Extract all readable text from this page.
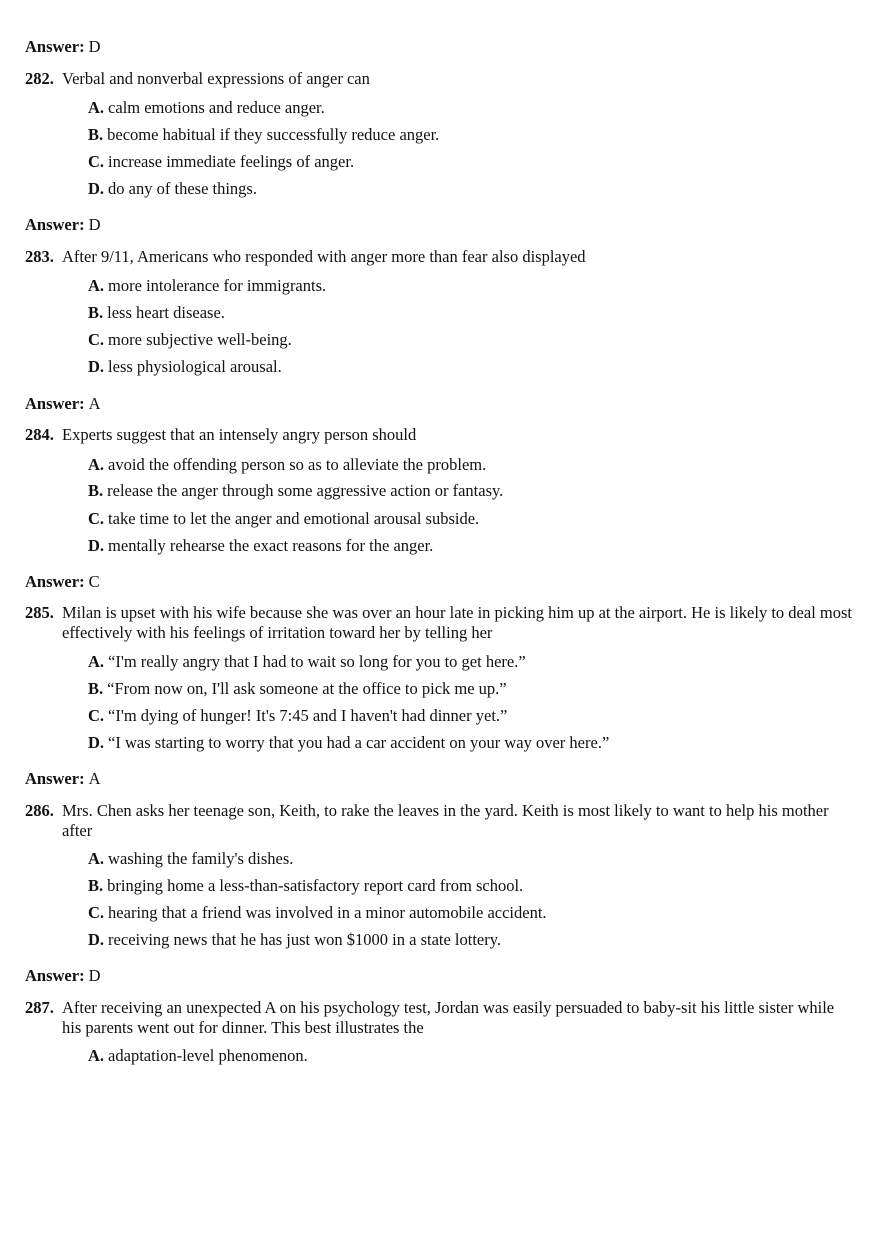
Answer: D
282. Verbal and nonverbal expressions of anger can
A. calm emotions and reduce anger.
B. become habitual if they successfully reduce anger.
C. increase immediate feelings of anger.
D. do any of these things.
Answer: D
283. After 9/11, Americans who responded with anger more than fear also displayed
A. more intolerance for immigrants.
B. less heart disease.
C. more subjective well-being.
D. less physiological arousal.
Answer: A
284. Experts suggest that an intensely angry person should
A. avoid the offending person so as to alleviate the problem.
B. release the anger through some aggressive action or fantasy.
C. take time to let the anger and emotional arousal subside.
D. mentally rehearse the exact reasons for the anger.
Answer: C
285. Milan is upset with his wife because she was over an hour late in picking him up at the airport. He is likely to deal most effectively with his feelings of irritation toward her by telling her
A. “I'm really angry that I had to wait so long for you to get here.”
B. “From now on, I'll ask someone at the office to pick me up.”
C. “I'm dying of hunger! It's 7:45 and I haven't had dinner yet.”
D. “I was starting to worry that you had a car accident on your way over here.”
Answer: A
286. Mrs. Chen asks her teenage son, Keith, to rake the leaves in the yard. Keith is most likely to want to help his mother after
A. washing the family's dishes.
B. bringing home a less-than-satisfactory report card from school.
C. hearing that a friend was involved in a minor automobile accident.
D. receiving news that he has just won $1000 in a state lottery.
Answer: D
287. After receiving an unexpected A on his psychology test, Jordan was easily persuaded to baby-sit his little sister while his parents went out for dinner. This best illustrates the
A. adaptation-level phenomenon.
